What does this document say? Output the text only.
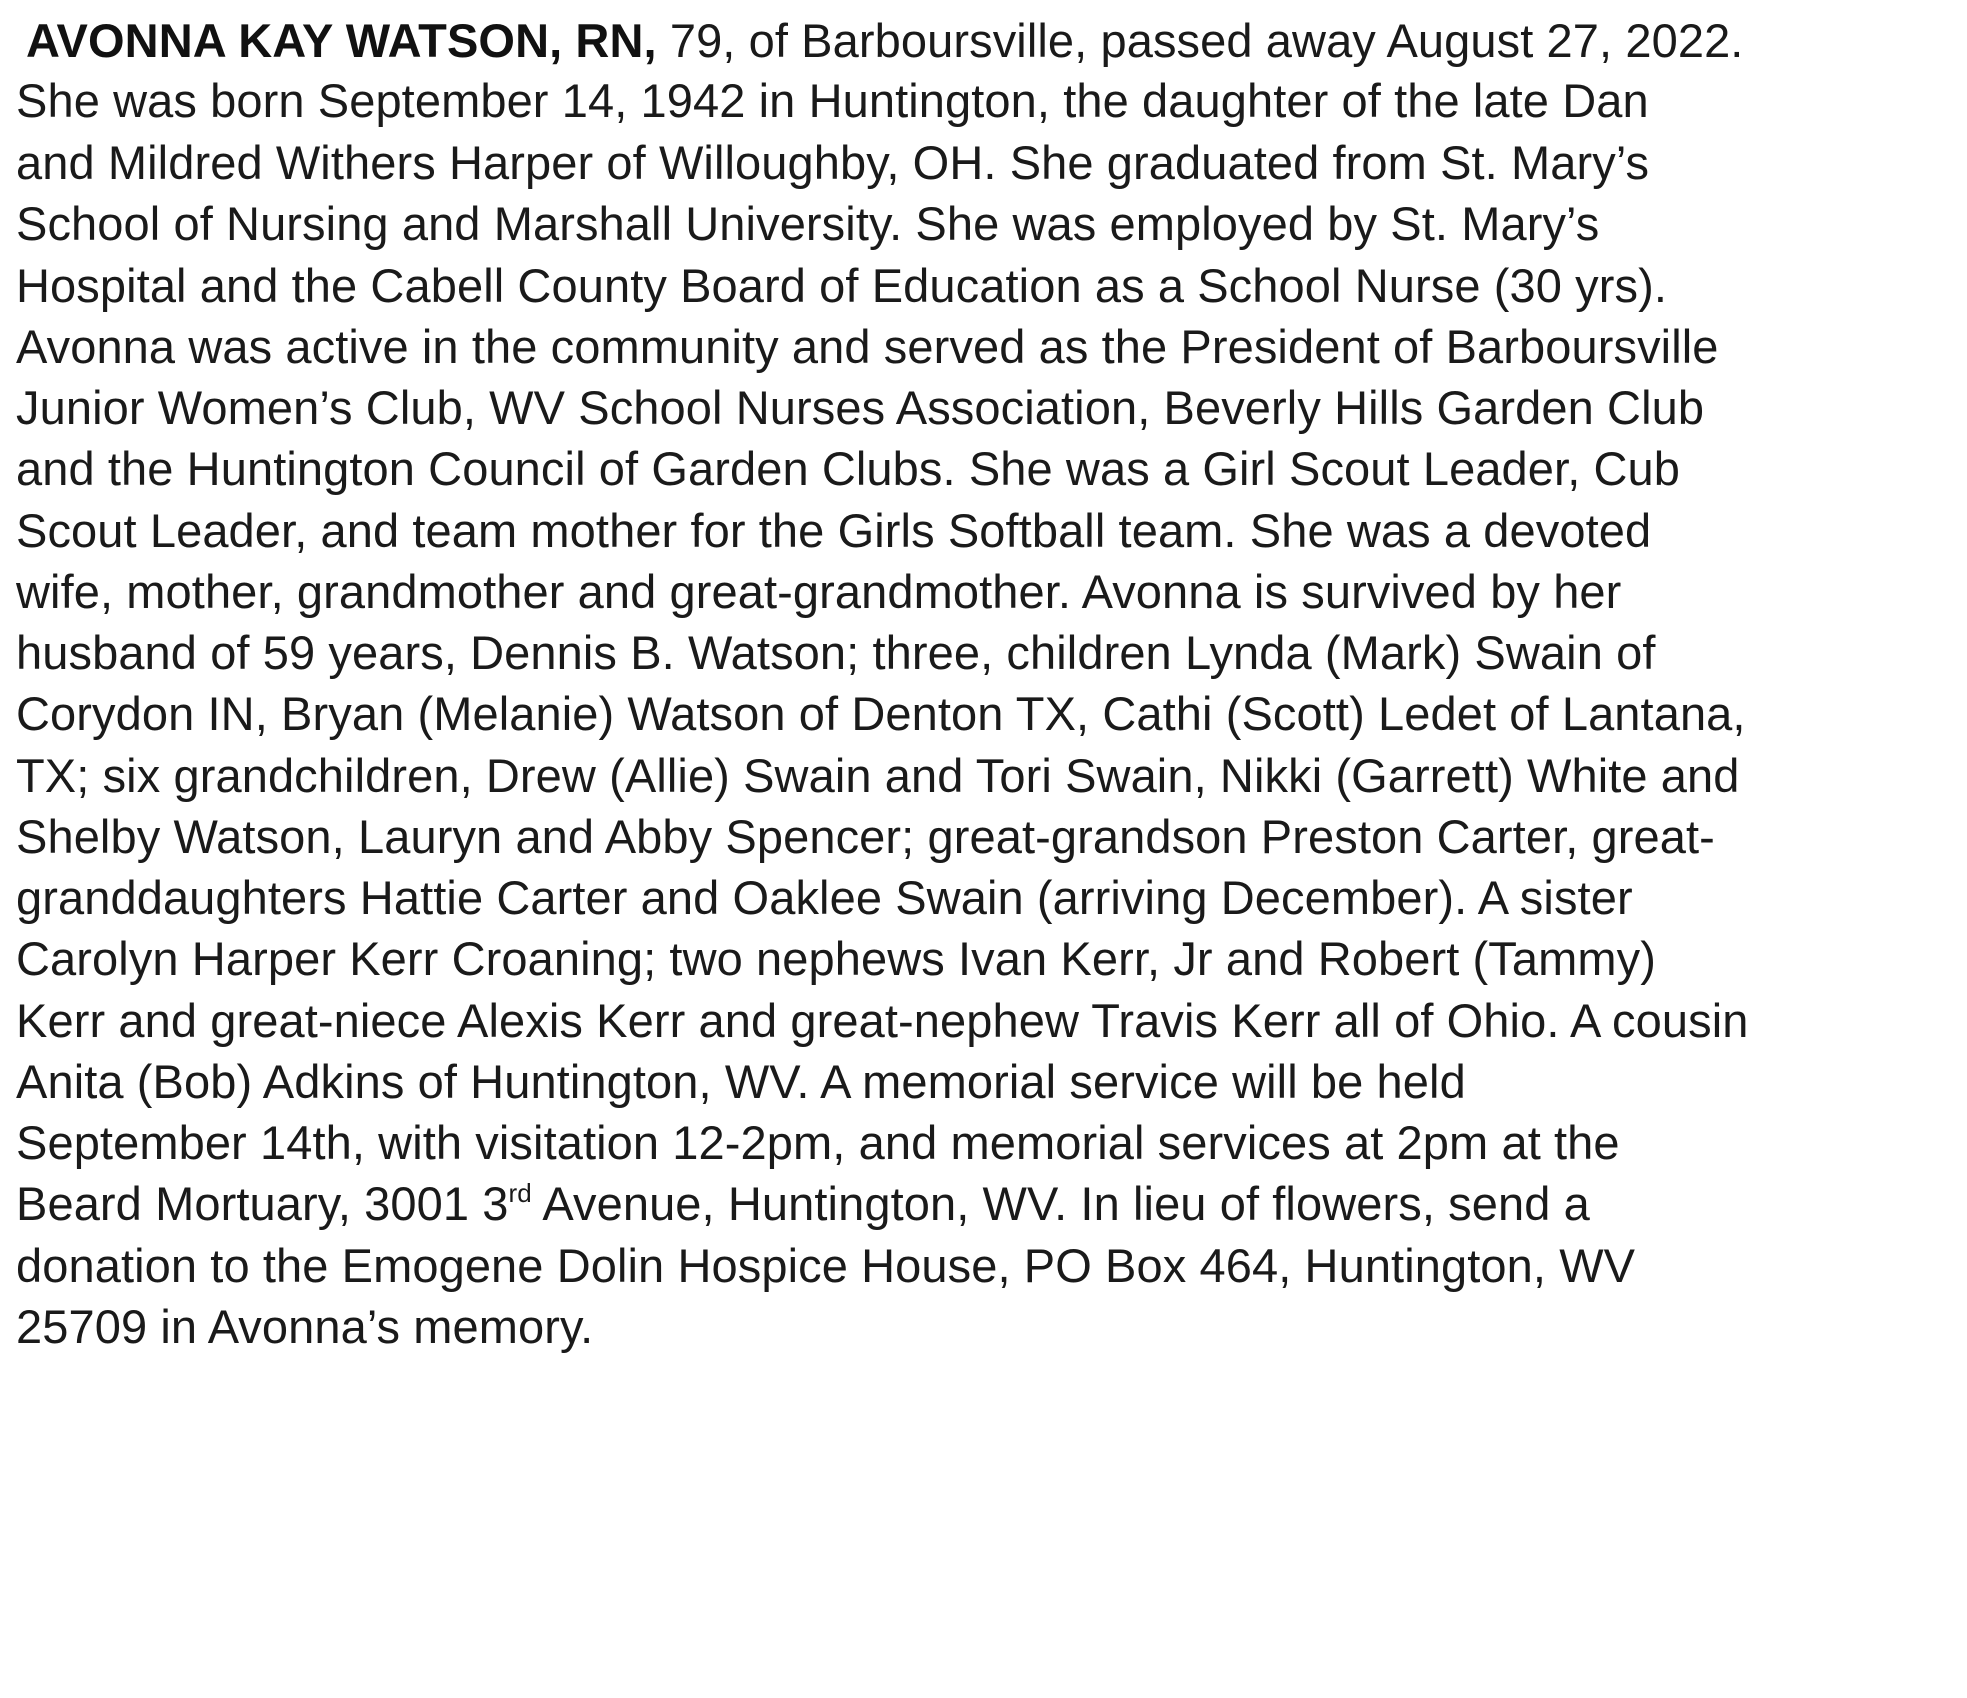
AVONNA KAY WATSON, RN, 79, of Barboursville, passed away August 27, 2022.
She was born September 14, 1942 in Huntington, the daughter of the late Dan
and Mildred Withers Harper of Willoughby, OH. She graduated from St. Mary’s
School of Nursing and Marshall University. She was employed by St. Mary’s
Hospital and the Cabell County Board of Education as a School Nurse (30 yrs).
Avonna was active in the community and served as the President of Barboursville
Junior Women’s Club, WV School Nurses Association, Beverly Hills Garden Club
and the Huntington Council of Garden Clubs. She was a Girl Scout Leader, Cub
Scout Leader, and team mother for the Girls Softball team. She was a devoted
wife, mother, grandmother and great-grandmother. Avonna is survived by her
husband of 59 years, Dennis B. Watson; three, children Lynda (Mark) Swain of
Corydon IN, Bryan (Melanie) Watson of Denton TX, Cathi (Scott) Ledet of Lantana,
TX; six grandchildren, Drew (Allie) Swain and Tori Swain, Nikki (Garrett) White and
Shelby Watson, Lauryn and Abby Spencer; great-grandson Preston Carter, great-
granddaughters Hattie Carter and Oaklee Swain (arriving December). A sister
Carolyn Harper Kerr Croaning; two nephews Ivan Kerr, Jr and Robert (Tammy)
Kerr and great-niece Alexis Kerr and great-nephew Travis Kerr all of Ohio. A cousin
Anita (Bob) Adkins of Huntington, WV. A memorial service will be held
September 14th, with visitation 12-2pm, and memorial services at 2pm at the
Beard Mortuary, 3001 3rd Avenue, Huntington, WV. In lieu of flowers, send a
donation to the Emogene Dolin Hospice House, PO Box 464, Huntington, WV
25709 in Avonna’s memory.
